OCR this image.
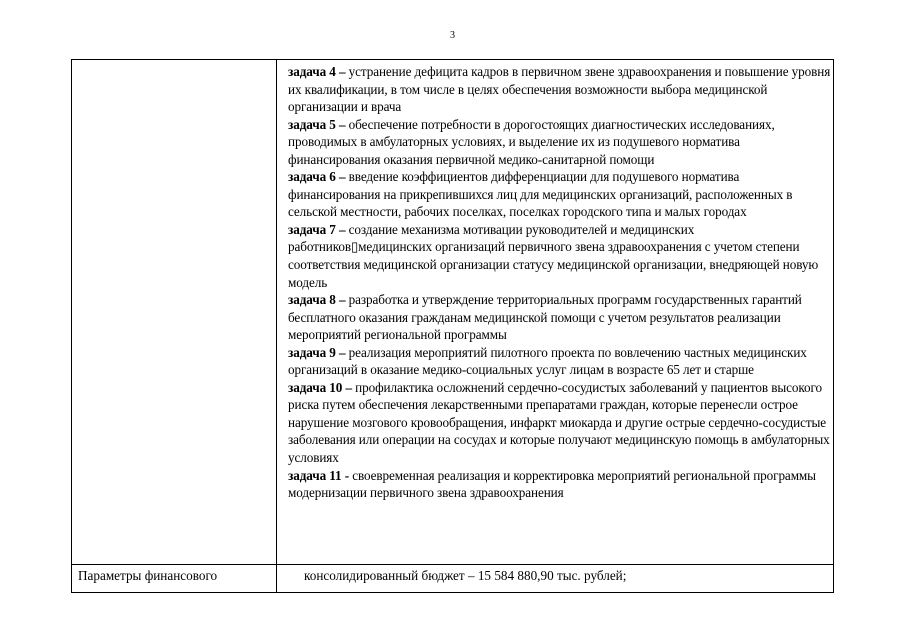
3

задача 4 – устранение дефицита кадров в первичном звене здравоохранения и повышение уровня их квалификации, в том числе в целях обеспечения возможности выбора медицинской организации и врача

задача 5 – обеспечение потребности в дорогостоящих диагностических исследованиях, проводимых в амбулаторных условиях, и выделение их из подушевого норматива финансирования оказания первичной медико-санитарной помощи

задача 6 – введение коэффициентов дифференциации для подушевого норматива финансирования на прикрепившихся лиц для медицинских организаций, расположенных в сельской местности, рабочих поселках, поселках городского типа и малых городах

задача 7 – создание механизма мотивации руководителей и медицинских работников▯медицинских организаций первичного звена здравоохранения с учетом степени соответствия медицинской организации статусу медицинской организации, внедряющей новую модель

задача 8 – разработка и утверждение территориальных программ государственных гарантий бесплатного оказания гражданам медицинской помощи с учетом результатов реализации мероприятий региональной программы

задача 9 – реализация мероприятий пилотного проекта по вовлечению частных медицинских организаций в оказание медико-социальных услуг лицам в возрасте 65 лет и старше

задача 10 – профилактика осложнений сердечно-сосудистых заболеваний у пациентов высокого риска путем обеспечения лекарственными препаратами граждан, которые перенесли острое нарушение мозгового кровообращения, инфаркт миокарда и другие острые сердечно-сосудистые заболевания или операции на сосудах и которые получают медицинскую помощь в амбулаторных условиях

задача 11 - своевременная реализация и корректировка мероприятий региональной программы модернизации первичного звена здравоохранения

Параметры финансового	консолидированный бюджет – 15 584 880,90 тыс. рублей;
